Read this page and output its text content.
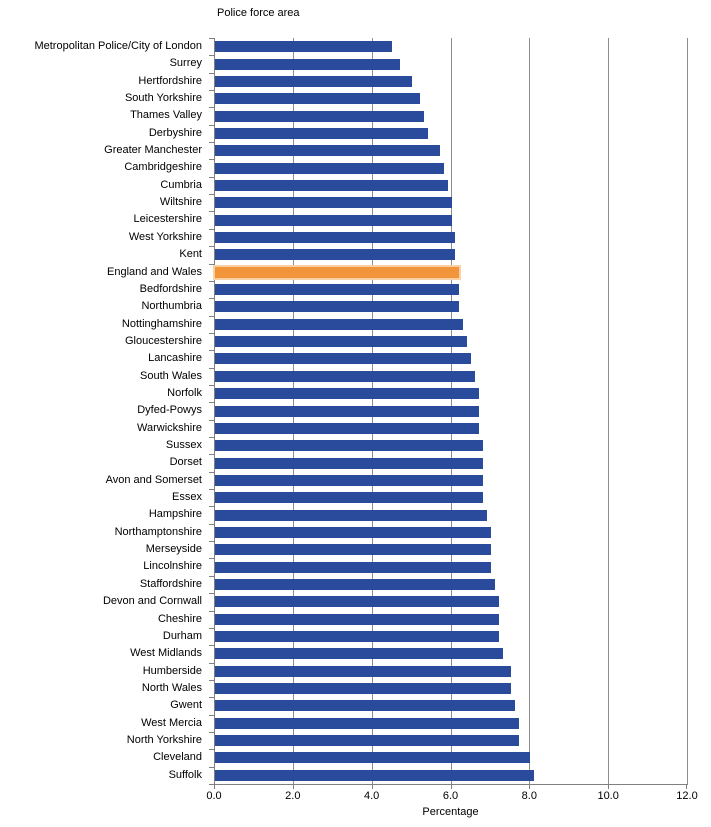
Police force area
Metropolitan Police/City of London
Surrey
Hertfordshire
South Yorkshire
Thames Valley
Derbyshire
Greater Manchester
Cambridgeshire
Cumbria
Wiltshire
Leicestershire
West Yorkshire
Kent
England and Wales
Bedfordshire
Northumbria
Nottinghamshire
Gloucestershire
Lancashire
South Wales
Norfolk
Dyfed-Powys
Warwickshire
Sussex
Dorset
Avon and Somerset
Essex
Hampshire
Northamptonshire
Merseyside
Lincolnshire
Staffordshire
Devon and Cornwall
Cheshire
Durham
West Midlands
Humberside
North Wales
Gwent
West Mercia
North Yorkshire
Cleveland
Suffolk
0.0	2.0	4.0	6.0	8.0	10.0	12.0
Percentage
